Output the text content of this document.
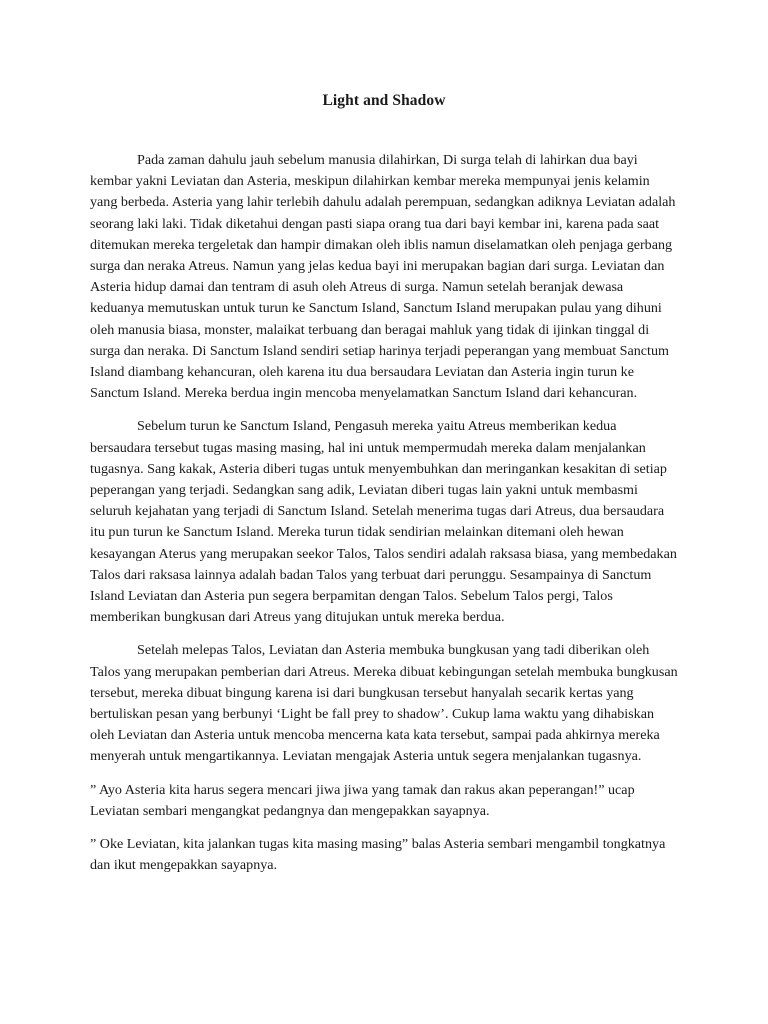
Light and Shadow

Pada zaman dahulu jauh sebelum manusia dilahirkan, Di surga telah di lahirkan dua bayi kembar yakni Leviatan dan Asteria, meskipun dilahirkan kembar mereka mempunyai jenis kelamin yang berbeda. Asteria yang lahir terlebih dahulu adalah perempuan, sedangkan adiknya Leviatan adalah seorang laki laki. Tidak diketahui dengan pasti siapa orang tua dari bayi kembar ini, karena pada saat ditemukan mereka tergeletak dan hampir dimakan oleh iblis namun diselamatkan oleh penjaga gerbang surga dan neraka Atreus. Namun yang jelas kedua bayi ini merupakan bagian dari surga. Leviatan dan Asteria hidup damai dan tentram di asuh oleh Atreus di surga. Namun setelah beranjak dewasa keduanya memutuskan untuk turun ke Sanctum Island, Sanctum Island merupakan pulau yang dihuni oleh manusia biasa, monster, malaikat terbuang dan beragai mahluk yang tidak di ijinkan tinggal di surga dan neraka. Di Sanctum Island sendiri setiap harinya terjadi peperangan yang membuat Sanctum Island diambang kehancuran, oleh karena itu dua bersaudara Leviatan dan Asteria ingin turun ke Sanctum Island. Mereka berdua ingin mencoba menyelamatkan Sanctum Island dari kehancuran.

Sebelum turun ke Sanctum Island, Pengasuh mereka yaitu Atreus memberikan kedua bersaudara tersebut tugas masing masing, hal ini untuk mempermudah mereka dalam menjalankan tugasnya. Sang kakak, Asteria diberi tugas untuk menyembuhkan dan meringankan kesakitan di setiap peperangan yang terjadi. Sedangkan sang adik, Leviatan diberi tugas lain yakni untuk membasmi seluruh kejahatan yang terjadi di Sanctum Island. Setelah menerima tugas dari Atreus, dua bersaudara itu pun turun ke Sanctum Island. Mereka turun tidak sendirian melainkan ditemani oleh hewan kesayangan Aterus yang merupakan seekor Talos, Talos sendiri adalah raksasa biasa, yang membedakan Talos dari raksasa lainnya adalah badan Talos yang terbuat dari perunggu. Sesampainya di Sanctum Island Leviatan dan Asteria pun segera berpamitan dengan Talos. Sebelum Talos pergi, Talos memberikan bungkusan dari Atreus yang ditujukan untuk mereka berdua.

Setelah melepas Talos, Leviatan dan Asteria membuka bungkusan yang tadi diberikan oleh Talos yang merupakan pemberian dari Atreus. Mereka dibuat kebingungan setelah membuka bungkusan tersebut, mereka dibuat bingung karena isi dari bungkusan tersebut hanyalah secarik kertas yang bertuliskan pesan yang berbunyi ‘Light be fall prey to shadow’. Cukup lama waktu yang dihabiskan oleh Leviatan dan Asteria untuk mencoba mencerna kata kata tersebut, sampai pada ahkirnya mereka menyerah untuk mengartikannya. Leviatan mengajak Asteria untuk segera menjalankan tugasnya.

” Ayo Asteria kita harus segera mencari jiwa jiwa yang tamak dan rakus akan peperangan!” ucap Leviatan sembari mengangkat pedangnya dan mengepakkan sayapnya.

” Oke Leviatan, kita jalankan tugas kita masing masing” balas Asteria sembari mengambil tongkatnya dan ikut mengepakkan sayapnya.
